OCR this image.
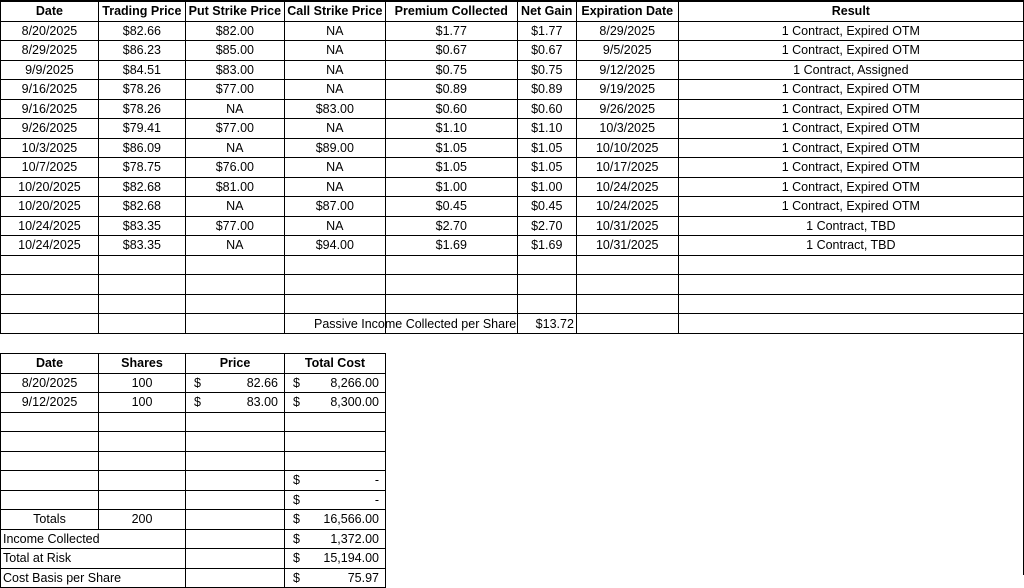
Date	Trading Price	Put Strike Price	Call Strike Price	Premium Collected	Net Gain	Expiration Date	Result
8/20/2025	$82.66	$82.00	NA	$1.77	$1.77	8/29/2025	1 Contract, Expired OTM
8/29/2025	$86.23	$85.00	NA	$0.67	$0.67	9/5/2025	1 Contract, Expired OTM
9/9/2025	$84.51	$83.00	NA	$0.75	$0.75	9/12/2025	1 Contract, Assigned
9/16/2025	$78.26	$77.00	NA	$0.89	$0.89	9/19/2025	1 Contract, Expired OTM
9/16/2025	$78.26	NA	$83.00	$0.60	$0.60	9/26/2025	1 Contract, Expired OTM
9/26/2025	$79.41	$77.00	NA	$1.10	$1.10	10/3/2025	1 Contract, Expired OTM
10/3/2025	$86.09	NA	$89.00	$1.05	$1.05	10/10/2025	1 Contract, Expired OTM
10/7/2025	$78.75	$76.00	NA	$1.05	$1.05	10/17/2025	1 Contract, Expired OTM
10/20/2025	$82.68	$81.00	NA	$1.00	$1.00	10/24/2025	1 Contract, Expired OTM
10/20/2025	$82.68	NA	$87.00	$0.45	$0.45	10/24/2025	1 Contract, Expired OTM
10/24/2025	$83.35	$77.00	NA	$2.70	$2.70	10/31/2025	1 Contract, TBD
10/24/2025	$83.35	NA	$94.00	$1.69	$1.69	10/31/2025	1 Contract, TBD

Passive Income Collected per Share $13.72
Date	Shares	Price	Total Cost
8/20/2025	100	$ 82.66	$ 8,266.00

9/12/2025	100	$ 83.00	$ 8,300.00

			$ -

			$ -

Totals	200		$ 16,566.00

Income Collected			$ 1,372.00

Total at Risk			$ 15,194.00

Cost Basis per Share			$ 75.97
